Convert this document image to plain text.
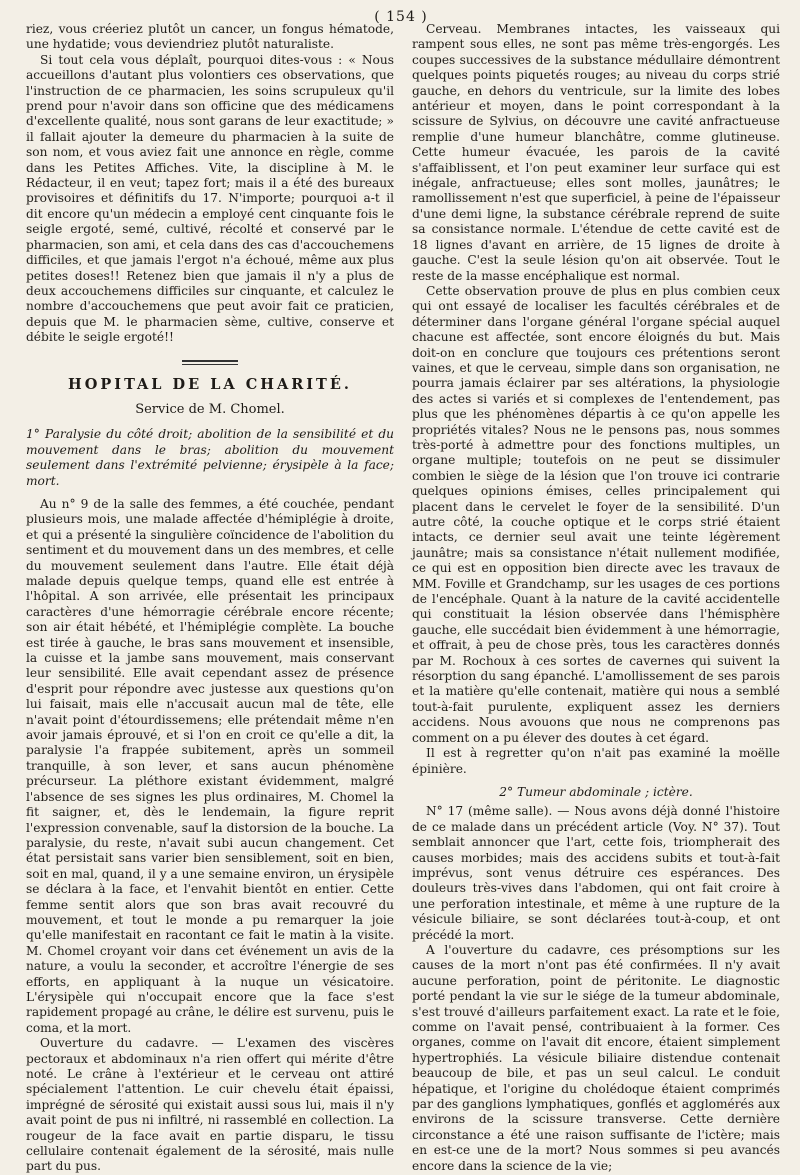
( 154 )

riez, vous créeriez plutôt un cancer, un fongus hématode, une hydatide; vous deviendriez plutôt naturaliste.

Si tout cela vous déplaît, pourquoi dites-vous : « Nous accueillons d'autant plus volontiers ces observations, que l'instruction de ce pharmacien, les soins scrupuleux qu'il prend pour n'avoir dans son officine que des médicamens d'excellente qualité, nous sont garans de leur exactitude; » il fallait ajouter la demeure du pharmacien à la suite de son nom, et vous aviez fait une annonce en règle, comme dans les Petites Affiches. Vite, la discipline à M. le Rédacteur, il en veut; tapez fort; mais il a été des bureaux provisoires et définitifs du 17. N'importe; pourquoi a-t il dit encore qu'un médecin a employé cent cinquante fois le seigle ergoté, semé, cultivé, récolté et conservé par le pharmacien, son ami, et cela dans des cas d'accouchemens difficiles, et que jamais l'ergot n'a échoué, même aux plus petites doses!! Retenez bien que jamais il n'y a plus de deux accouchemens difficiles sur cinquante, et calculez le nombre d'accouchemens que peut avoir fait ce praticien, depuis que M. le pharmacien sème, cultive, conserve et débite le seigle ergoté!!

HOPITAL DE LA CHARITÉ.
Service de M. Chomel.

1° Paralysie du côté droit; abolition de la sensibilité et du mouvement dans le bras; abolition du mouvement seulement dans l'extrémité pelvienne; érysipèle à la face; mort.

Au n° 9 de la salle des femmes, a été couchée, pendant plusieurs mois, une malade affectée d'hémiplégie à droite, et qui a présenté la singulière coïncidence de l'abolition du sentiment et du mouvement dans un des membres, et celle du mouvement seulement dans l'autre. Elle était déjà malade depuis quelque temps, quand elle est entrée à l'hôpital. A son arrivée, elle présentait les principaux caractères d'une hémorragie cérébrale encore récente; son air était hébété, et l'hémiplégie complète. La bouche est tirée à gauche, le bras sans mouvement et insensible, la cuisse et la jambe sans mouvement, mais conservant leur sensibilité. Elle avait cependant assez de présence d'esprit pour répondre avec justesse aux questions qu'on lui faisait, mais elle n'accusait aucun mal de tête, elle n'avait point d'étourdissemens; elle prétendait même n'en avoir jamais éprouvé, et si l'on en croit ce qu'elle a dit, la paralysie l'a frappée subitement, après un sommeil tranquille, à son lever, et sans aucun phénomène précurseur. La pléthore existant évidemment, malgré l'absence de ses signes les plus ordinaires, M. Chomel la fit saigner, et, dès le lendemain, la figure reprit l'expression convenable, sauf la distorsion de la bouche. La paralysie, du reste, n'avait subi aucun changement. Cet état persistait sans varier bien sensiblement, soit en bien, soit en mal, quand, il y a une semaine environ, un érysipèle se déclara à la face, et l'envahit bientôt en entier. Cette femme sentit alors que son bras avait recouvré du mouvement, et tout le monde a pu remarquer la joie qu'elle manifestait en racontant ce fait le matin à la visite. M. Chomel croyant voir dans cet événement un avis de la nature, a voulu la seconder, et accroître l'énergie de ses efforts, en appliquant à la nuque un vésicatoire. L'érysipèle qui n'occupait encore que la face s'est rapidement propagé au crâne, le délire est survenu, puis le coma, et la mort.

Ouverture du cadavre. — L'examen des viscères pectoraux et abdominaux n'a rien offert qui mérite d'être noté. Le crâne à l'extérieur et le cerveau ont attiré spécialement l'attention. Le cuir chevelu était épaissi, imprégné de sérosité qui existait aussi sous lui, mais il n'y avait point de pus ni infiltré, ni rassemblé en collection. La rougeur de la face avait en partie disparu, le tissu cellulaire contenait également de la sérosité, mais nulle part du pus.

Cerveau. Membranes intactes, les vaisseaux qui rampent sous elles, ne sont pas même très-engorgés. Les coupes successives de la substance médullaire démontrent quelques points piquetés rouges; au niveau du corps strié gauche, en dehors du ventricule, sur la limite des lobes antérieur et moyen, dans le point correspondant à la scissure de Sylvius, on découvre une cavité anfractueuse remplie d'une humeur blanchâtre, comme glutineuse. Cette humeur évacuée, les parois de la cavité s'affaiblissent, et l'on peut examiner leur surface qui est inégale, anfractueuse; elles sont molles, jaunâtres; le ramollissement n'est que superficiel, à peine de l'épaisseur d'une demi ligne, la substance cérébrale reprend de suite sa consistance normale. L'étendue de cette cavité est de 18 lignes d'avant en arrière, de 15 lignes de droite à gauche. C'est la seule lésion qu'on ait observée. Tout le reste de la masse encéphalique est normal.

Cette observation prouve de plus en plus combien ceux qui ont essayé de localiser les facultés cérébrales et de déterminer dans l'organe général l'organe spécial auquel chacune est affectée, sont encore éloignés du but. Mais doit-on en conclure que toujours ces prétentions seront vaines, et que le cerveau, simple dans son organisation, ne pourra jamais éclairer par ses altérations, la physiologie des actes si variés et si complexes de l'entendement, pas plus que les phénomènes départis à ce qu'on appelle les propriétés vitales? Nous ne le pensons pas, nous sommes très-porté à admettre pour des fonctions multiples, un organe multiple; toutefois on ne peut se dissimuler combien le siège de la lésion que l'on trouve ici contrarie quelques opinions émises, celles principalement qui placent dans le cervelet le foyer de la sensibilité. D'un autre côté, la couche optique et le corps strié étaient intacts, ce dernier seul avait une teinte légèrement jaunâtre; mais sa consistance n'était nullement modifiée, ce qui est en opposition bien directe avec les travaux de MM. Foville et Grandchamp, sur les usages de ces portions de l'encéphale. Quant à la nature de la cavité accidentelle qui constituait la lésion observée dans l'hémisphère gauche, elle succédait bien évidemment à une hémorragie, et offrait, à peu de chose près, tous les caractères donnés par M. Rochoux à ces sortes de cavernes qui suivent la résorption du sang épanché. L'amollissement de ses parois et la matière qu'elle contenait, matière qui nous a semblé tout-à-fait purulente, expliquent assez les derniers accidens. Nous avouons que nous ne comprenons pas comment on a pu élever des doutes à cet égard.

Il est à regretter qu'on n'ait pas examiné la moëlle épinière.

2° Tumeur abdominale ; ictère.

N° 17 (même salle). — Nous avons déjà donné l'histoire de ce malade dans un précédent article (Voy. N° 37). Tout semblait annoncer que l'art, cette fois, triompherait des causes morbides; mais des accidens subits et tout-à-fait imprévus, sont venus détruire ces espérances. Des douleurs très-vives dans l'abdomen, qui ont fait croire à une perforation intestinale, et même à une rupture de la vésicule biliaire, se sont déclarées tout-à-coup, et ont précédé la mort.

A l'ouverture du cadavre, ces présomptions sur les causes de la mort n'ont pas été confirmées. Il n'y avait aucune perforation, point de péritonite. Le diagnostic porté pendant la vie sur le siége de la tumeur abdominale, s'est trouvé d'ailleurs parfaitement exact. La rate et le foie, comme on l'avait pensé, contribuaient à la former. Ces organes, comme on l'avait dit encore, étaient simplement hypertrophiés. La vésicule biliaire distendue contenait beaucoup de bile, et pas un seul calcul. Le conduit hépatique, et l'origine du cholédoque étaient comprimés par des ganglions lymphatiques, gonflés et agglomérés aux environs de la scissure transverse. Cette dernière circonstance a été une raison suffisante de l'ictère; mais en est-ce une de la mort? Nous sommes si peu avancés encore dans la science de la vie;
